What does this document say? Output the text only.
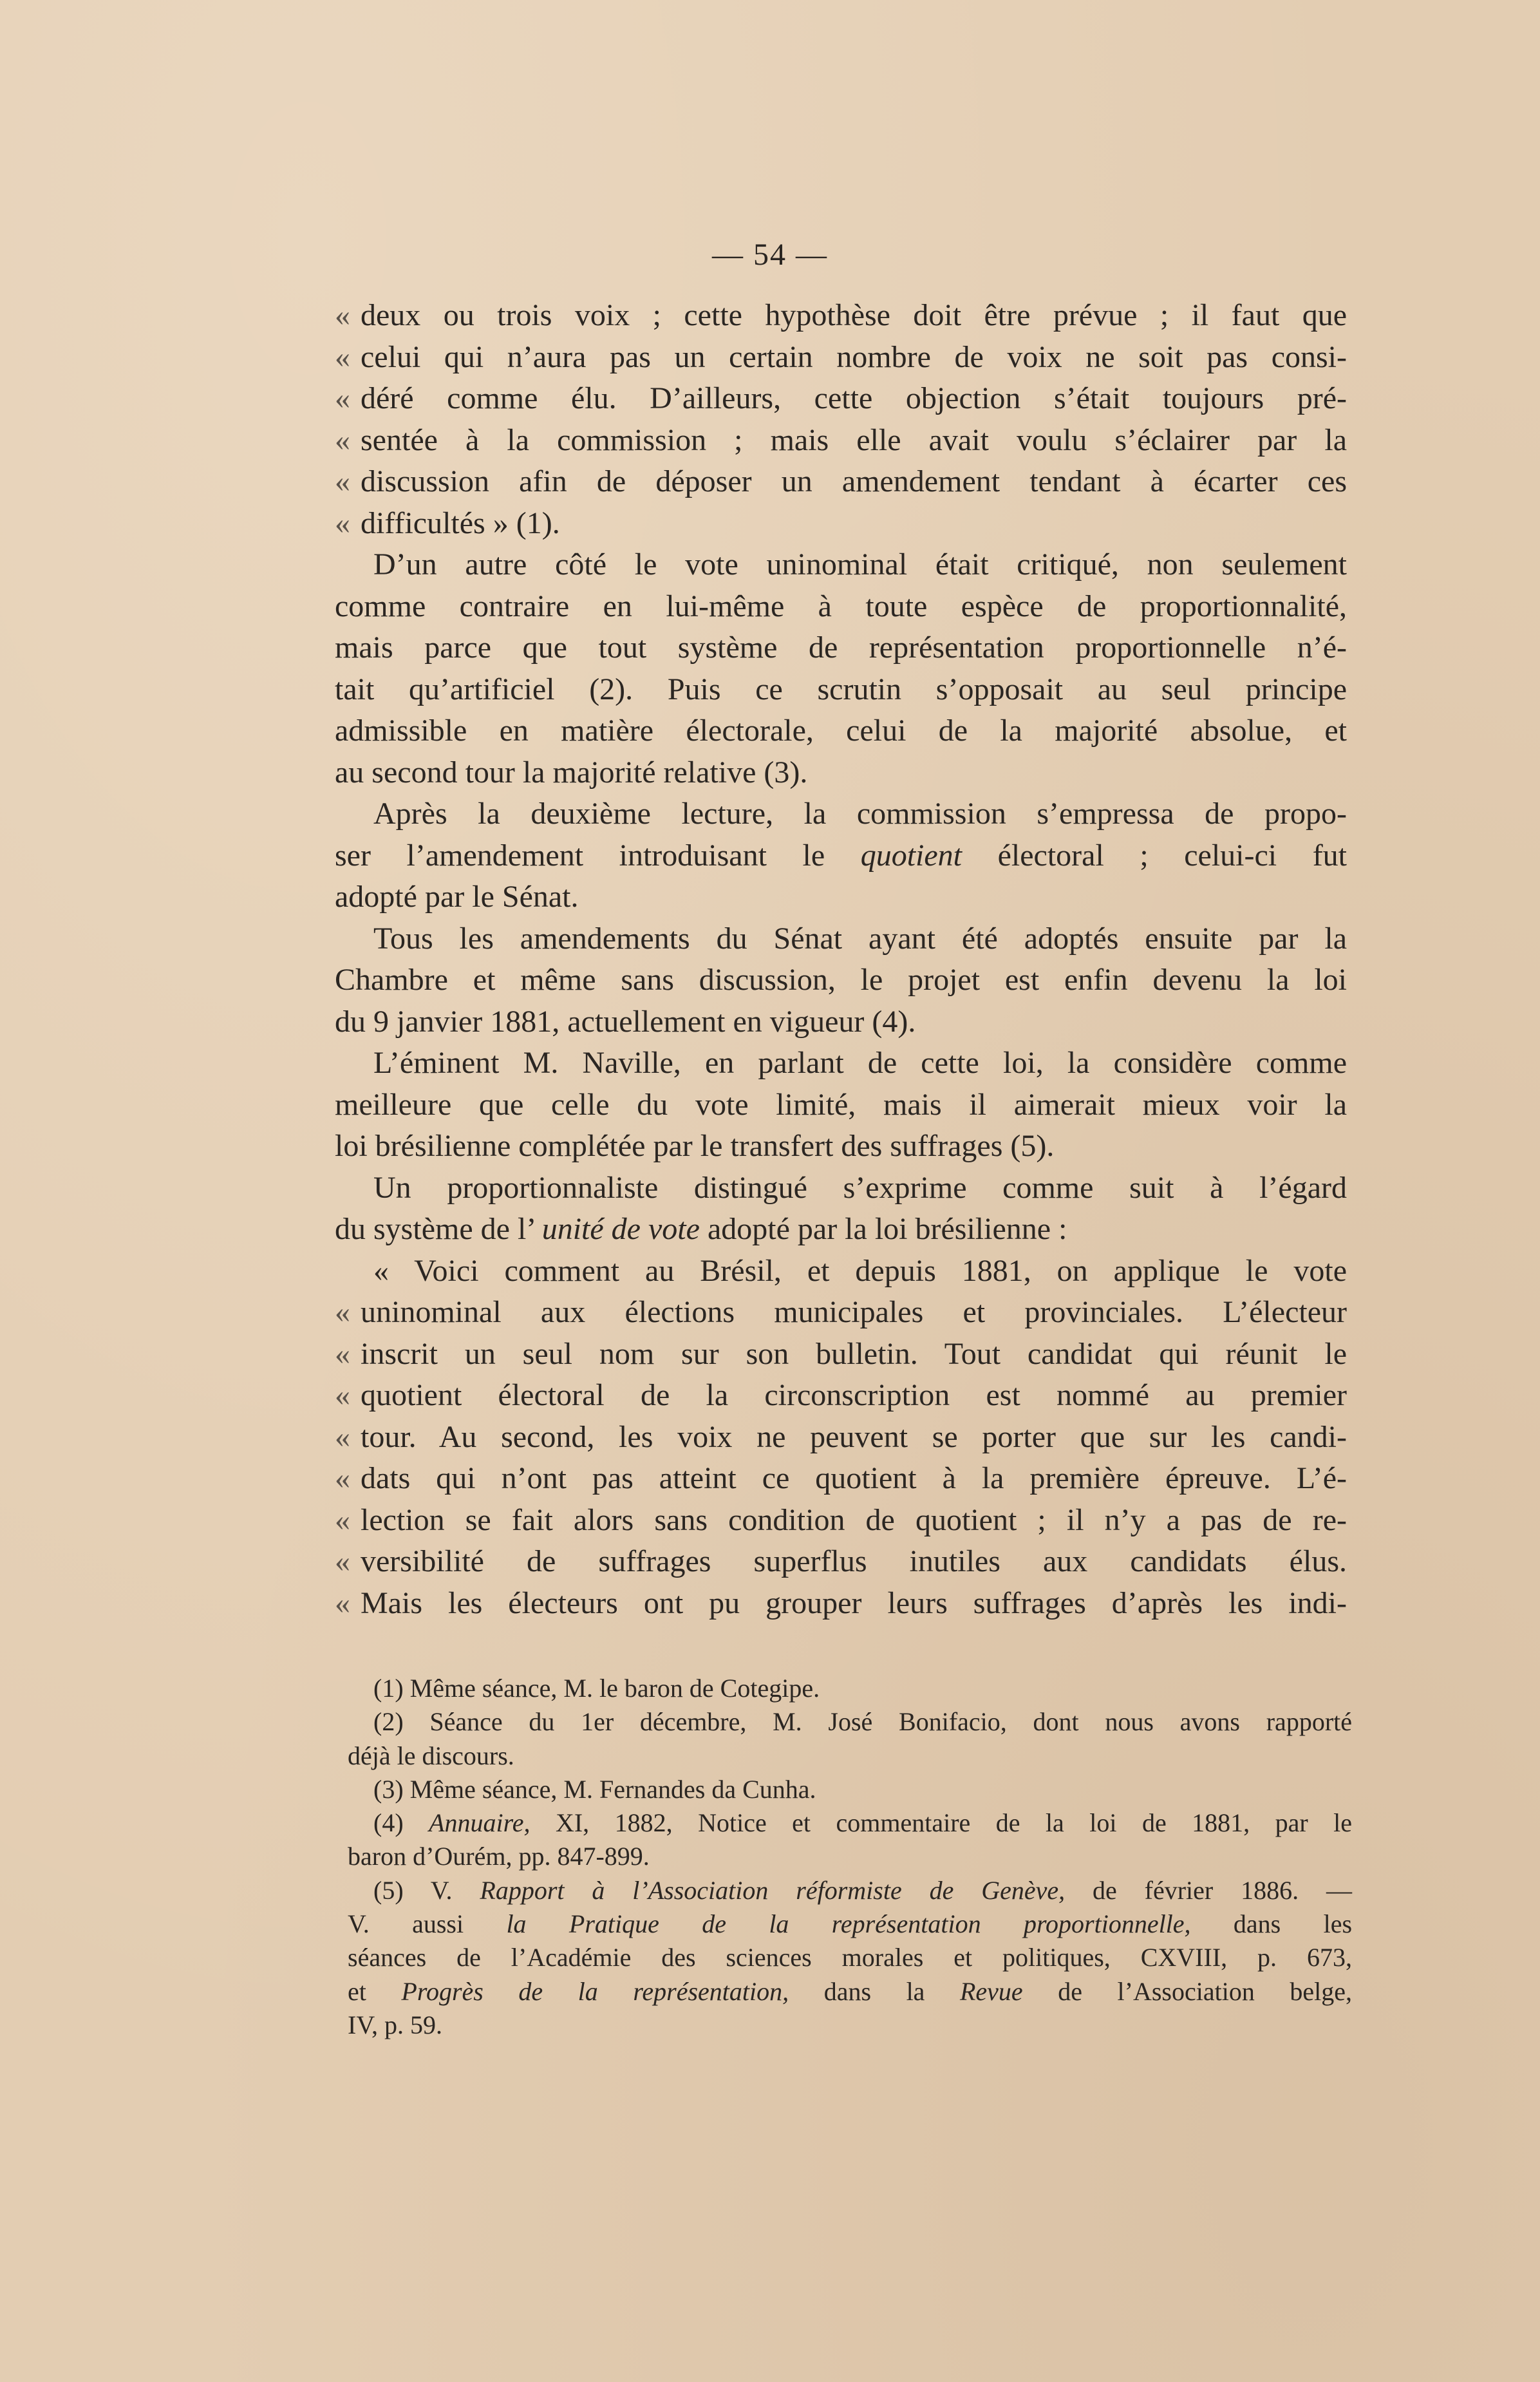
— 54 —
« deux ou trois voix ; cette hypothèse doit être prévue ; il faut que
« celui qui n’aura pas un certain nombre de voix ne soit pas consi-
« déré comme élu. D’ailleurs, cette objection s’était toujours pré-
« sentée à la commission ; mais elle avait voulu s’éclairer par la
« discussion afin de déposer un amendement tendant à écarter ces
« difficultés » (1).
D’un autre côté le vote uninominal était critiqué, non seulement
comme contraire en lui-même à toute espèce de proportionnalité,
mais parce que tout système de représentation proportionnelle n’é-
tait qu’artificiel (2). Puis ce scrutin s’opposait au seul principe
admissible en matière électorale, celui de la majorité absolue, et
au second tour la majorité relative (3).
Après la deuxième lecture, la commission s’empressa de propo-
ser l’amendement introduisant le quotient électoral ; celui-ci fut
adopté par le Sénat.
Tous les amendements du Sénat ayant été adoptés ensuite par la
Chambre et même sans discussion, le projet est enfin devenu la loi
du 9 janvier 1881, actuellement en vigueur (4).
L’éminent M. Naville, en parlant de cette loi, la considère comme
meilleure que celle du vote limité, mais il aimerait mieux voir la
loi brésilienne complétée par le transfert des suffrages (5).
Un proportionnaliste distingué s’exprime comme suit à l’égard
du système de l’ unité de vote adopté par la loi brésilienne :
« Voici comment au Brésil, et depuis 1881, on applique le vote
« uninominal aux élections municipales et provinciales. L’électeur
« inscrit un seul nom sur son bulletin. Tout candidat qui réunit le
« quotient électoral de la circonscription est nommé au premier
« tour. Au second, les voix ne peuvent se porter que sur les candi-
« dats qui n’ont pas atteint ce quotient à la première épreuve. L’é-
« lection se fait alors sans condition de quotient ; il n’y a pas de re-
« versibilité de suffrages superflus inutiles aux candidats élus.
« Mais les électeurs ont pu grouper leurs suffrages d’après les indi-
(1) Même séance, M. le baron de Cotegipe.
(2) Séance du 1er décembre, M. José Bonifacio, dont nous avons rapporté
déjà le discours.
(3) Même séance, M. Fernandes da Cunha.
(4) Annuaire, XI, 1882, Notice et commentaire de la loi de 1881, par le
baron d’Ourém, pp. 847-899.
(5) V. Rapport à l’Association réformiste de Genève, de février 1886. —
V. aussi la Pratique de la représentation proportionnelle, dans les
séances de l’Académie des sciences morales et politiques, CXVIII, p. 673,
et Progrès de la représentation, dans la Revue de l’Association belge,
IV, p. 59.
